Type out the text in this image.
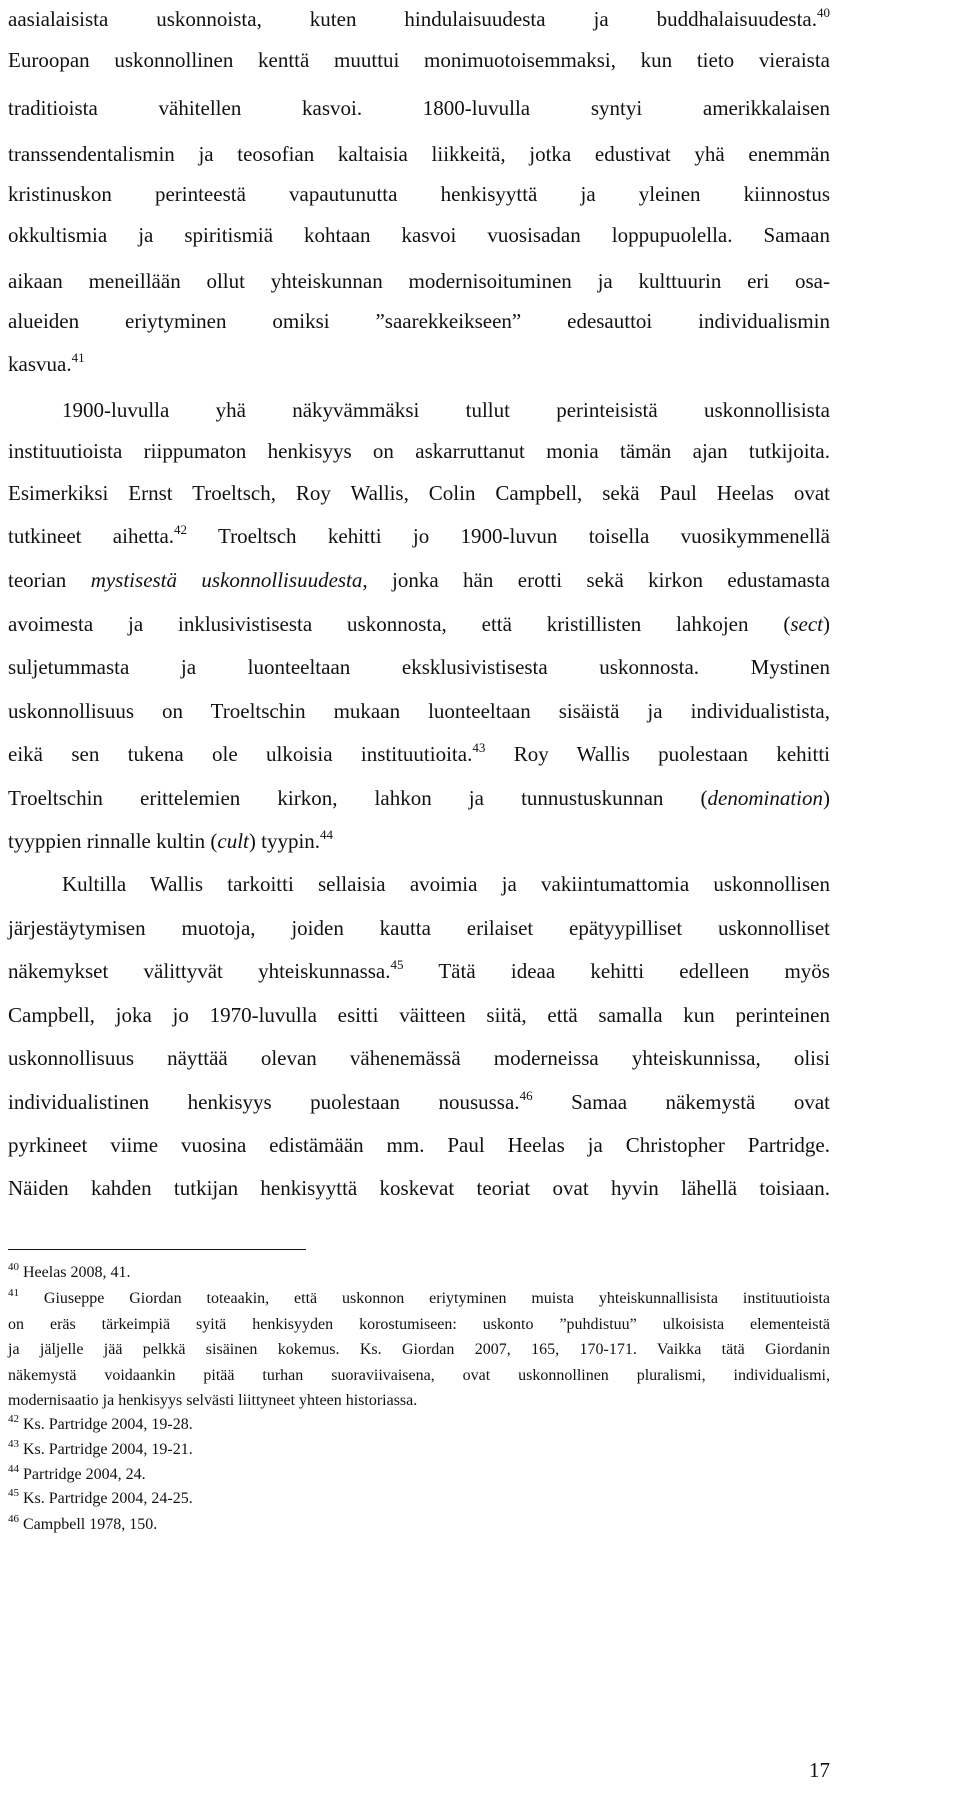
aasialaisista uskonnoista, kuten hindulaisuudesta ja buddhalaisuudesta.$^{40}$
Euroopan uskonnollinen kenttä muuttui monimuotoisemmaksi, kun tieto vieraista
traditioista vähitellen kasvoi. 1800-luvulla syntyi amerikkalaisen
transsendentalismin ja teosofian kaltaisia liikkeitä, jotka edustivat yhä enemmän
kristinuskon perinteestä vapautunutta henkisyyttä ja yleinen kiinnostus
okkultismia ja spiritismiä kohtaan kasvoi vuosisadan loppupuolella. Samaan
aikaan meneillään ollut yhteiskunnan modernisoituminen ja kulttuurin eri osa-
alueiden eriytyminen omiksi ”saarekkeikseen” edesauttoi individualismin
kasvua.$^{41}$
1900-luvulla yhä näkyvämmäksi tullut perinteisistä uskonnollisista
instituutioista riippumaton henkisyys on askarruttanut monia tämän ajan tutkijoita.
Esimerkiksi Ernst Troeltsch, Roy Wallis, Colin Campbell, sekä Paul Heelas ovat
tutkineet aihetta.$^{42}$ Troeltsch kehitti jo 1900-luvun toisella vuosikymmenellä
teorian mystisestä uskonnollisuudesta, jonka hän erotti sekä kirkon edustamasta
avoimesta ja inklusivistisesta uskonnosta, että kristillisten lahkojen (sect)
suljetummasta ja luonteeltaan eksklusivistisesta uskonnosta. Mystinen
uskonnollisuus on Troeltschin mukaan luonteeltaan sisäistä ja individualistista,
eikä sen tukena ole ulkoisia instituutioita.$^{43}$ Roy Wallis puolestaan kehitti
Troeltschin erittelemien kirkon, lahkon ja tunnustuskunnan (denomination)
tyyppien rinnalle kultin (cult) tyypin.$^{44}$
Kultilla Wallis tarkoitti sellaisia avoimia ja vakiintumattomia uskonnollisen
järjestäytymisen muotoja, joiden kautta erilaiset epätyypilliset uskonnolliset
näkemykset välittyvät yhteiskunnassa.$^{45}$ Tätä ideaa kehitti edelleen myös
Campbell, joka jo 1970-luvulla esitti väitteen siitä, että samalla kun perinteinen
uskonnollisuus näyttää olevan vähenemässä moderneissa yhteiskunnissa, olisi
individualistinen henkisyys puolestaan nousussa.$^{46}$ Samaa näkemystä ovat
pyrkineet viime vuosina edistämään mm. Paul Heelas ja Christopher Partridge.
Näiden kahden tutkijan henkisyyttä koskevat teoriat ovat hyvin lähellä toisiaan.
$^{40}$ Heelas 2008, 41.
$^{41}$ Giuseppe Giordan toteaakin, että uskonnon eriytyminen muista yhteiskunnallisista instituutioista
on eräs tärkeimpiä syitä henkisyyden korostumiseen: uskonto ”puhdistuu” ulkoisista elementeistä
ja jäljelle jää pelkkä sisäinen kokemus. Ks. Giordan 2007, 165, 170-171. Vaikka tätä Giordanin
näkemystä voidaankin pitää turhan suoraviivaisena, ovat uskonnollinen pluralismi, individualismi,
modernisaatio ja henkisyys selvästi liittyneet yhteen historiassa.
$^{42}$ Ks. Partridge 2004, 19-28.
$^{43}$ Ks. Partridge 2004, 19-21.
$^{44}$ Partridge 2004, 24.
$^{45}$ Ks. Partridge 2004, 24-25.
$^{46}$ Campbell 1978, 150.
17
